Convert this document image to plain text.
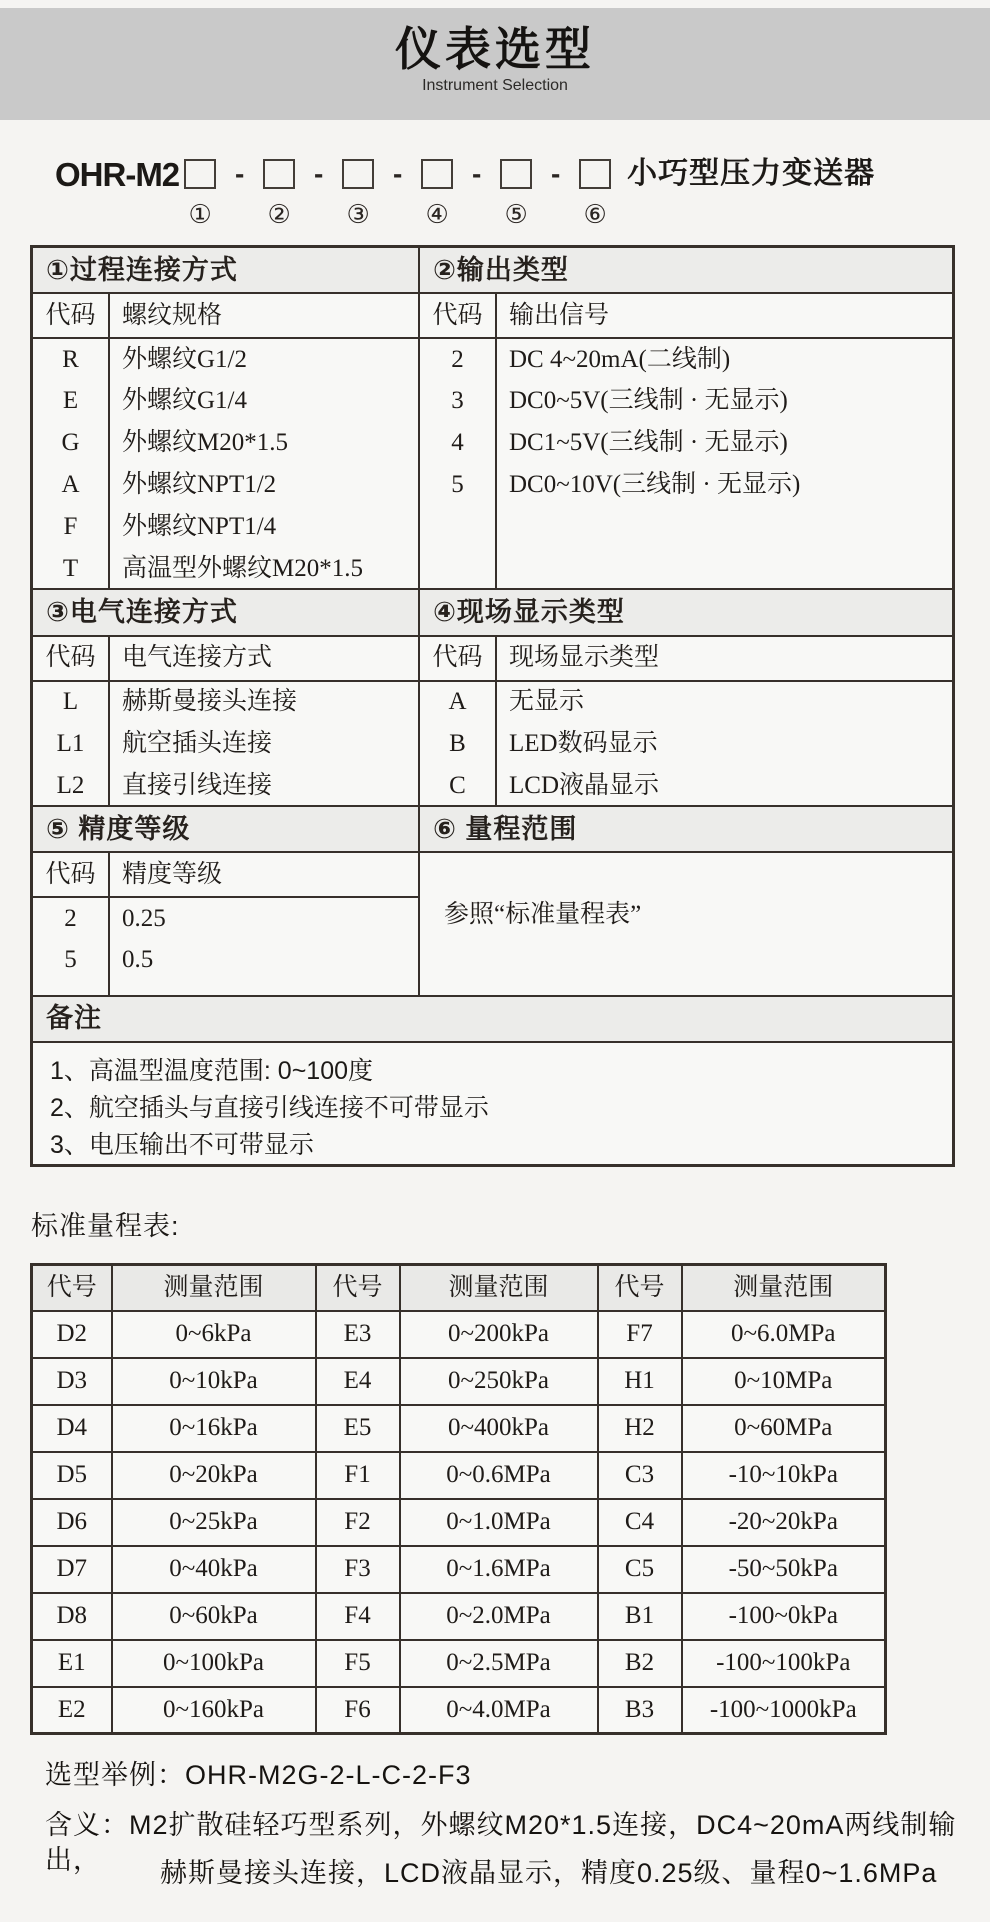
仪表选型
Instrument Selection
OHR-M2	-	-	-	-	-	小巧型压力变送器
① ② ③ ④ ⑤ ⑥
①过程连接方式	②输出类型
代码	螺纹规格
R	外螺纹G1/2
E	外螺纹G1/4
G	外螺纹M20*1.5
A	外螺纹NPT1/2
F	外螺纹NPT1/4
T	高温型外螺纹M20*1.5
代码	输出信号
2	DC 4~20mA(二线制)
3	DC0~5V(三线制 · 无显示)
4	DC1~5V(三线制 · 无显示)
5	DC0~10V(三线制 · 无显示)
③电气连接方式	④现场显示类型
代码	电气连接方式
L	赫斯曼接头连接
L1	航空插头连接
L2	直接引线连接
代码	现场显示类型
A	无显示
B	LED数码显示
C	LCD液晶显示
⑤ 精度等级	⑥ 量程范围
代码	精度等级
2	0.25
5	0.5
参照“标准量程表”
备注
1、高温型温度范围: 0~100度
2、航空插头与直接引线连接不可带显示
3、电压输出不可带显示
标准量程表:
代号	测量范围	代号	测量范围	代号	测量范围
D2	0~6kPa	E3	0~200kPa	F7	0~6.0MPa
D3	0~10kPa	E4	0~250kPa	H1	0~10MPa
D4	0~16kPa	E5	0~400kPa	H2	0~60MPa
D5	0~20kPa	F1	0~0.6MPa	C3	-10~10kPa
D6	0~25kPa	F2	0~1.0MPa	C4	-20~20kPa
D7	0~40kPa	F3	0~1.6MPa	C5	-50~50kPa
D8	0~60kPa	F4	0~2.0MPa	B1	-100~0kPa
E1	0~100kPa	F5	0~2.5MPa	B2	-100~100kPa
E2	0~160kPa	F6	0~4.0MPa	B3	-100~1000kPa
选型举例：OHR-M2G-2-L-C-2-F3
含义：M2扩散硅轻巧型系列，外螺纹M20*1.5连接，DC4~20mA两线制输出，	赫斯曼接头连接，LCD液晶显示，精度0.25级、量程0~1.6MPa
